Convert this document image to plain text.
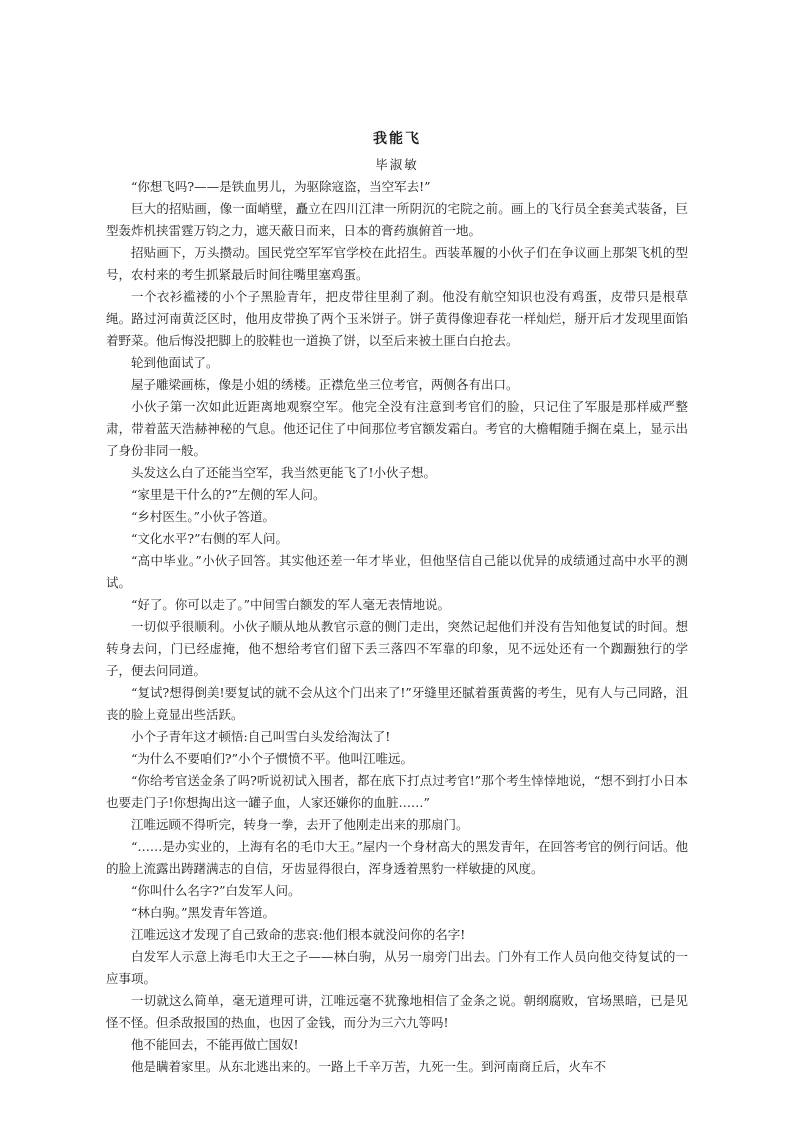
我能飞
毕淑敏

“你想飞吗?——是铁血男儿，为驱除寇盗，当空军去!”

巨大的招贴画，像一面峭壁，矗立在四川江津一所阴沉的宅院之前。画上的飞行员全套美式装备，巨型轰炸机挟雷霆万钧之力，遮天蔽日而来，日本的膏药旗俯首一地。

招贴画下，万头攒动。国民党空军军官学校在此招生。西装革履的小伙子们在争议画上那架飞机的型号，农村来的考生抓紧最后时间往嘴里塞鸡蛋。

一个衣衫褴褛的小个子黑脸青年，把皮带往里刹了刹。他没有航空知识也没有鸡蛋，皮带只是根草绳。路过河南黄泛区时，他用皮带换了两个玉米饼子。饼子黄得像迎春花一样灿烂，掰开后才发现里面馅着野菜。他后悔没把脚上的胶鞋也一道换了饼，以至后来被土匪白白抢去。

轮到他面试了。

屋子雕梁画栋，像是小姐的绣楼。正襟危坐三位考官，两侧各有出口。

小伙子第一次如此近距离地观察空军。他完全没有注意到考官们的脸，只记住了军服是那样威严整肃，带着蓝天浩赫神秘的气息。他还记住了中间那位考官额发霜白。考官的大檐帽随手搁在桌上，显示出了身份非同一般。

头发这么白了还能当空军，我当然更能飞了!小伙子想。

“家里是干什么的?”左侧的军人问。

“乡村医生。”小伙子答道。

“文化水平?”右侧的军人问。

“高中毕业。”小伙子回答。其实他还差一年才毕业，但他坚信自己能以优异的成绩通过高中水平的测试。

“好了。你可以走了。”中间雪白额发的军人毫无表情地说。

一切似乎很顺利。小伙子顺从地从教官示意的侧门走出，突然记起他们并没有告知他复试的时间。想转身去问，门已经虚掩，他不想给考官们留下丢三落四不军靠的印象，见不远处还有一个踟蹰独行的学子，便去问同道。

“复试?想得倒美!要复试的就不会从这个门出来了!”牙缝里还腻着蛋黄酱的考生，见有人与己同路，沮丧的脸上竟显出些活跃。

小个子青年这才顿悟:自己叫雪白头发给淘汰了!

“为什么不要咱们?”小个子惯愤不平。他叫江唯远。

“你给考官送金条了吗?听说初试入围者，都在底下打点过考官!”那个考生悻悻地说，“想不到打小日本也要走门子!你想掏出这一罐子血，人家还嫌你的血脏……”

江唯远顾不得听完，转身一拳，去开了他刚走出来的那扇门。

“……是办实业的，上海有名的毛巾大王。”屋内一个身材高大的黑发青年，在回答考官的例行问话。他的脸上流露出踌躇满志的自信，牙齿显得很白，浑身透着黑豹一样敏捷的风度。

“你叫什么名字?”白发军人问。

“林白驹。”黑发青年答道。

江唯远这才发现了自己致命的悲哀:他们根本就没问你的名字!

白发军人示意上海毛巾大王之子——林白驹，从另一扇旁门出去。门外有工作人员向他交待复试的一应事项。

一切就这么简单，毫无道理可讲，江唯远毫不犹豫地相信了金条之说。朝纲腐败，官场黑暗，已是见怪不怪。但杀敌报国的热血，也因了金钱，而分为三六九等吗!

他不能回去，不能再做亡国奴!

他是瞒着家里。从东北逃出来的。一路上千辛万苦，九死一生。到河南商丘后，火车不
